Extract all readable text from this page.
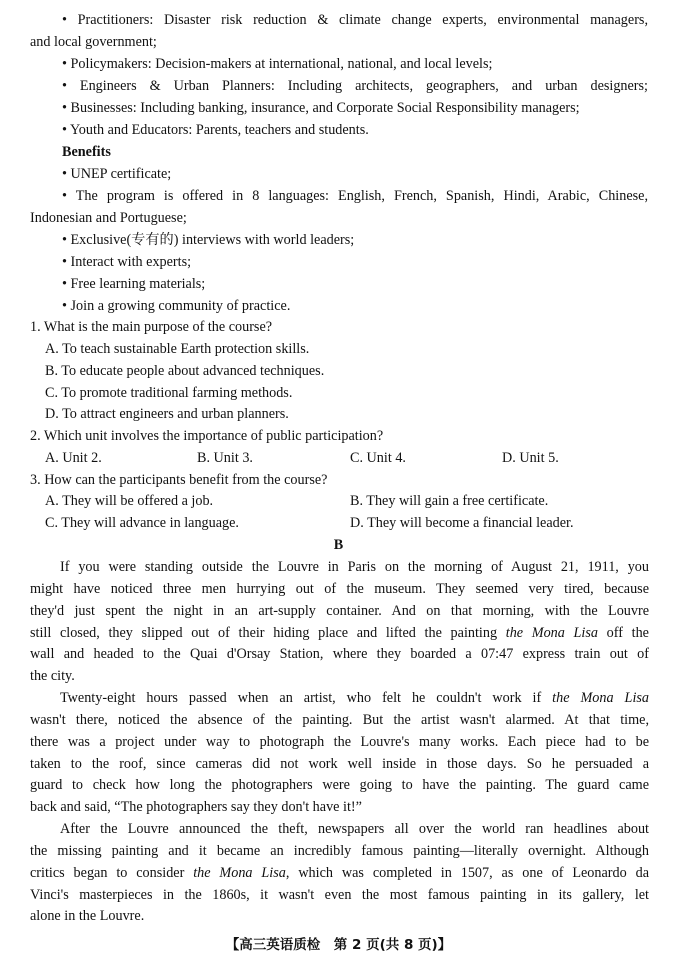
• Practitioners: Disaster risk reduction & climate change experts, environmental managers,
and local government;
• Policymakers: Decision-makers at international, national, and local levels;
• Engineers & Urban Planners: Including architects, geographers, and urban designers;
• Businesses: Including banking, insurance, and Corporate Social Responsibility managers;
• Youth and Educators: Parents, teachers and students.
Benefits
• UNEP certificate;
• The program is offered in 8 languages: English, French, Spanish, Hindi, Arabic, Chinese,
Indonesian and Portuguese;
• Exclusive(专有的) interviews with world leaders;
• Interact with experts;
• Free learning materials;
• Join a growing community of practice.
1. What is the main purpose of the course?
A. To teach sustainable Earth protection skills.
B. To educate people about advanced techniques.
C. To promote traditional farming methods.
D. To attract engineers and urban planners.
2. Which unit involves the importance of public participation?
A. Unit 2.	B. Unit 3.	C. Unit 4.	D. Unit 5.
3. How can the participants benefit from the course?
A. They will be offered a job.	B. They will gain a free certificate.
C. They will advance in language.	D. They will become a financial leader.
B
If you were standing outside the Louvre in Paris on the morning of August 21, 1911, you
might have noticed three men hurrying out of the museum. They seemed very tired, because
they'd just spent the night in an art-supply container. And on that morning, with the Louvre
still closed, they slipped out of their hiding place and lifted the painting the Mona Lisa off the
wall and headed to the Quai d'Orsay Station, where they boarded a 07:47 express train out of
the city.
Twenty-eight hours passed when an artist, who felt he couldn't work if the Mona Lisa
wasn't there, noticed the absence of the painting. But the artist wasn't alarmed. At that time,
there was a project under way to photograph the Louvre's many works. Each piece had to be
taken to the roof, since cameras did not work well inside in those days. So he persuaded a
guard to check how long the photographers were going to have the painting. The guard came
back and said, “The photographers say they don't have it!”
After the Louvre announced the theft, newspapers all over the world ran headlines about
the missing painting and it became an incredibly famous painting—literally overnight. Although
critics began to consider the Mona Lisa, which was completed in 1507, as one of Leonardo da
Vinci's masterpieces in the 1860s, it wasn't even the most famous painting in its gallery, let
alone in the Louvre.
【高三英语质检　第 2 页(共 8 页)】
